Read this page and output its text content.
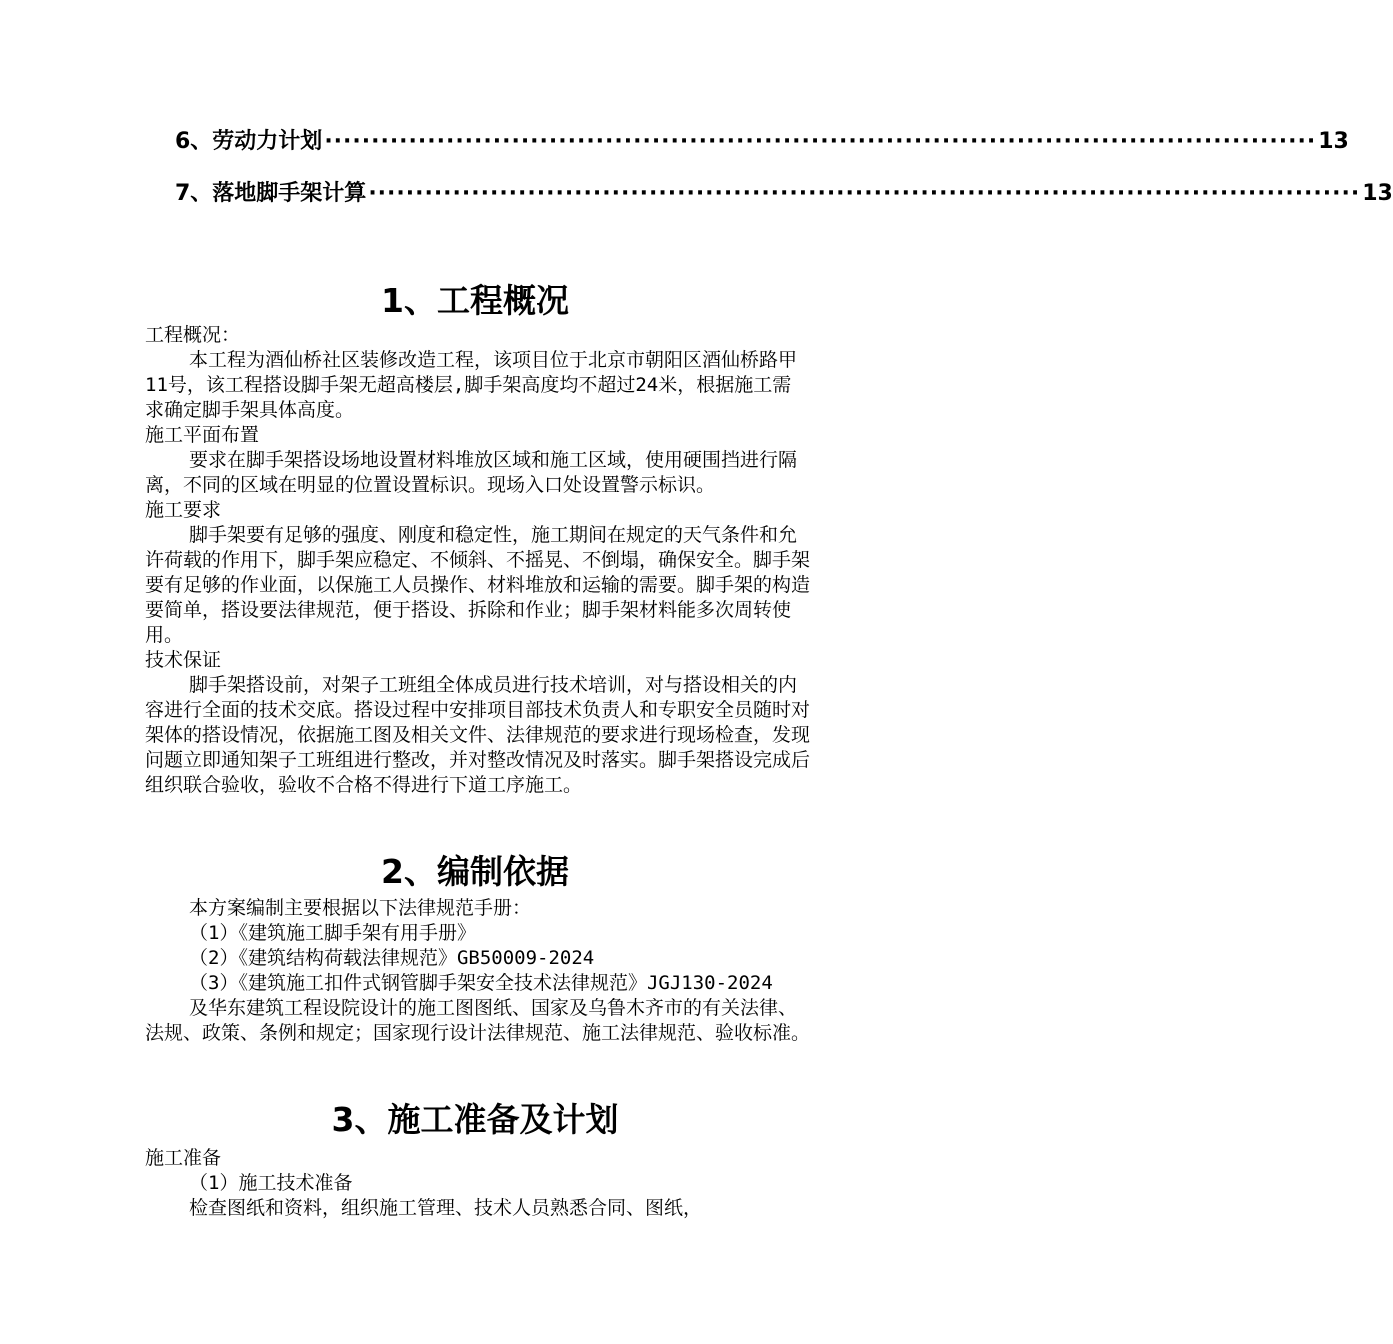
6、劳动力计划 ·········································································································· 13
7、落地脚手架计算 ·········································································································· 13
1、工程概况

工程概况：

本工程为酒仙桥社区装修改造工程，该项目位于北京市朝阳区酒仙桥路甲11号，该工程搭设脚手架无超高楼层,脚手架高度均不超过24米，根据施工需求确定脚手架具体高度。

施工平面布置

要求在脚手架搭设场地设置材料堆放区域和施工区域，使用硬围挡进行隔离，不同的区域在明显的位置设置标识。现场入口处设置警示标识。

施工要求

脚手架要有足够的强度、刚度和稳定性，施工期间在规定的天气条件和允许荷载的作用下，脚手架应稳定、不倾斜、不摇晃、不倒塌，确保安全。脚手架要有足够的作业面，以保施工人员操作、材料堆放和运输的需要。脚手架的构造要简单，搭设要法律规范，便于搭设、拆除和作业；脚手架材料能多次周转使用。

技术保证

脚手架搭设前，对架子工班组全体成员进行技术培训，对与搭设相关的内容进行全面的技术交底。搭设过程中安排项目部技术负责人和专职安全员随时对架体的搭设情况，依据施工图及相关文件、法律规范的要求进行现场检查，发现问题立即通知架子工班组进行整改，并对整改情况及时落实。脚手架搭设完成后组织联合验收，验收不合格不得进行下道工序施工。

2、编制依据

本方案编制主要根据以下法律规范手册：

（1）《建筑施工脚手架有用手册》

（2）《建筑结构荷载法律规范》GB50009-2024

（3）《建筑施工扣件式钢管脚手架安全技术法律规范》JGJ130-2024

及华东建筑工程设院设计的施工图图纸、国家及乌鲁木齐市的有关法律、法规、政策、条例和规定；国家现行设计法律规范、施工法律规范、验收标准。

3、施工准备及计划

施工准备

（1）施工技术准备

检查图纸和资料，组织施工管理、技术人员熟悉合同、图纸，
